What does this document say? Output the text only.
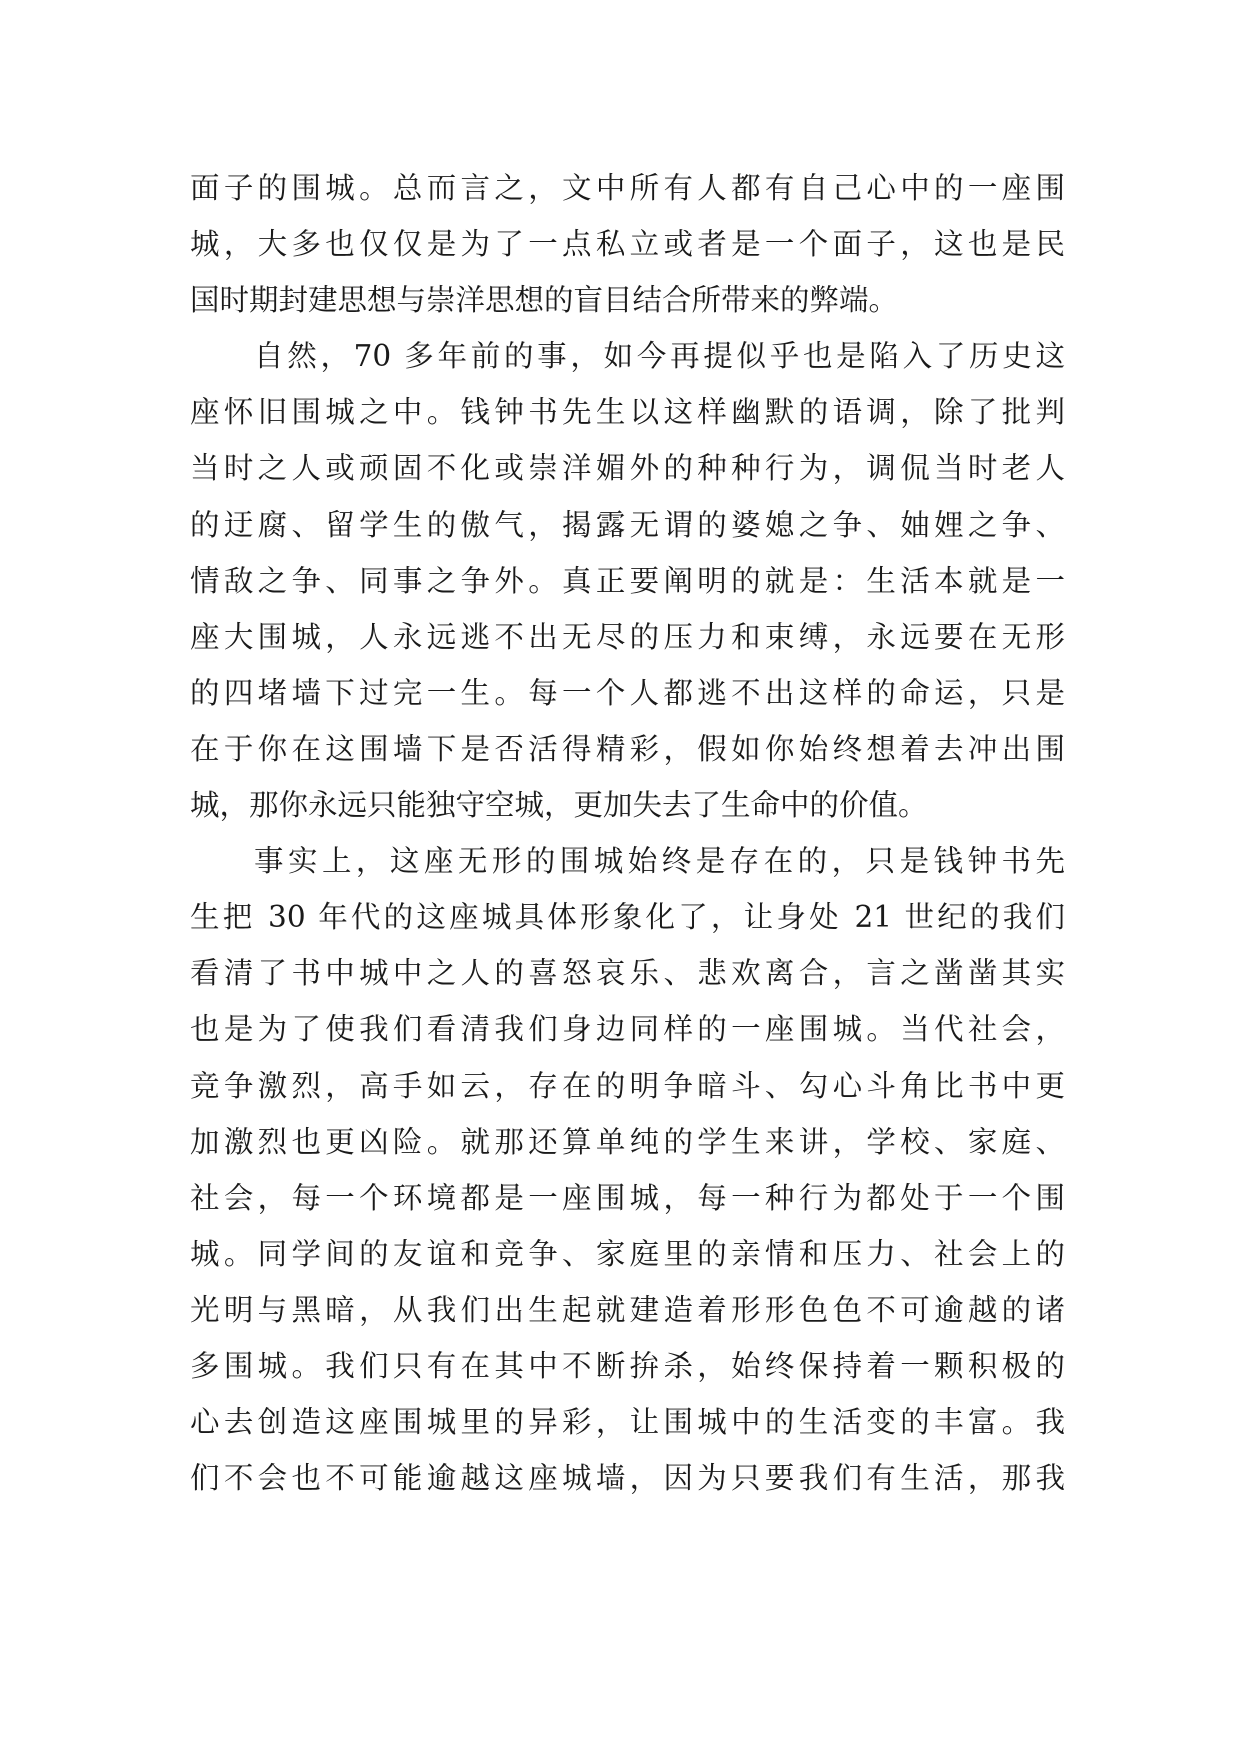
面子的围城。总而言之，文中所有人都有自己心中的一座围
城，大多也仅仅是为了一点私立或者是一个面子，这也是民
国时期封建思想与崇洋思想的盲目结合所带来的弊端。
自然，70 多年前的事，如今再提似乎也是陷入了历史这
座怀旧围城之中。钱钟书先生以这样幽默的语调，除了批判
当时之人或顽固不化或崇洋媚外的种种行为，调侃当时老人
的迂腐、留学生的傲气，揭露无谓的婆媳之争、妯娌之争、
情敌之争、同事之争外。真正要阐明的就是：生活本就是一
座大围城，人永远逃不出无尽的压力和束缚，永远要在无形
的四堵墙下过完一生。每一个人都逃不出这样的命运，只是
在于你在这围墙下是否活得精彩，假如你始终想着去冲出围
城，那你永远只能独守空城，更加失去了生命中的价值。
事实上，这座无形的围城始终是存在的，只是钱钟书先
生把 30 年代的这座城具体形象化了，让身处 21 世纪的我们
看清了书中城中之人的喜怒哀乐、悲欢离合，言之凿凿其实
也是为了使我们看清我们身边同样的一座围城。当代社会，
竞争激烈，高手如云，存在的明争暗斗、勾心斗角比书中更
加激烈也更凶险。就那还算单纯的学生来讲，学校、家庭、
社会，每一个环境都是一座围城，每一种行为都处于一个围
城。同学间的友谊和竞争、家庭里的亲情和压力、社会上的
光明与黑暗，从我们出生起就建造着形形色色不可逾越的诸
多围城。我们只有在其中不断拚杀，始终保持着一颗积极的
心去创造这座围城里的异彩，让围城中的生活变的丰富。我
们不会也不可能逾越这座城墙，因为只要我们有生活，那我
